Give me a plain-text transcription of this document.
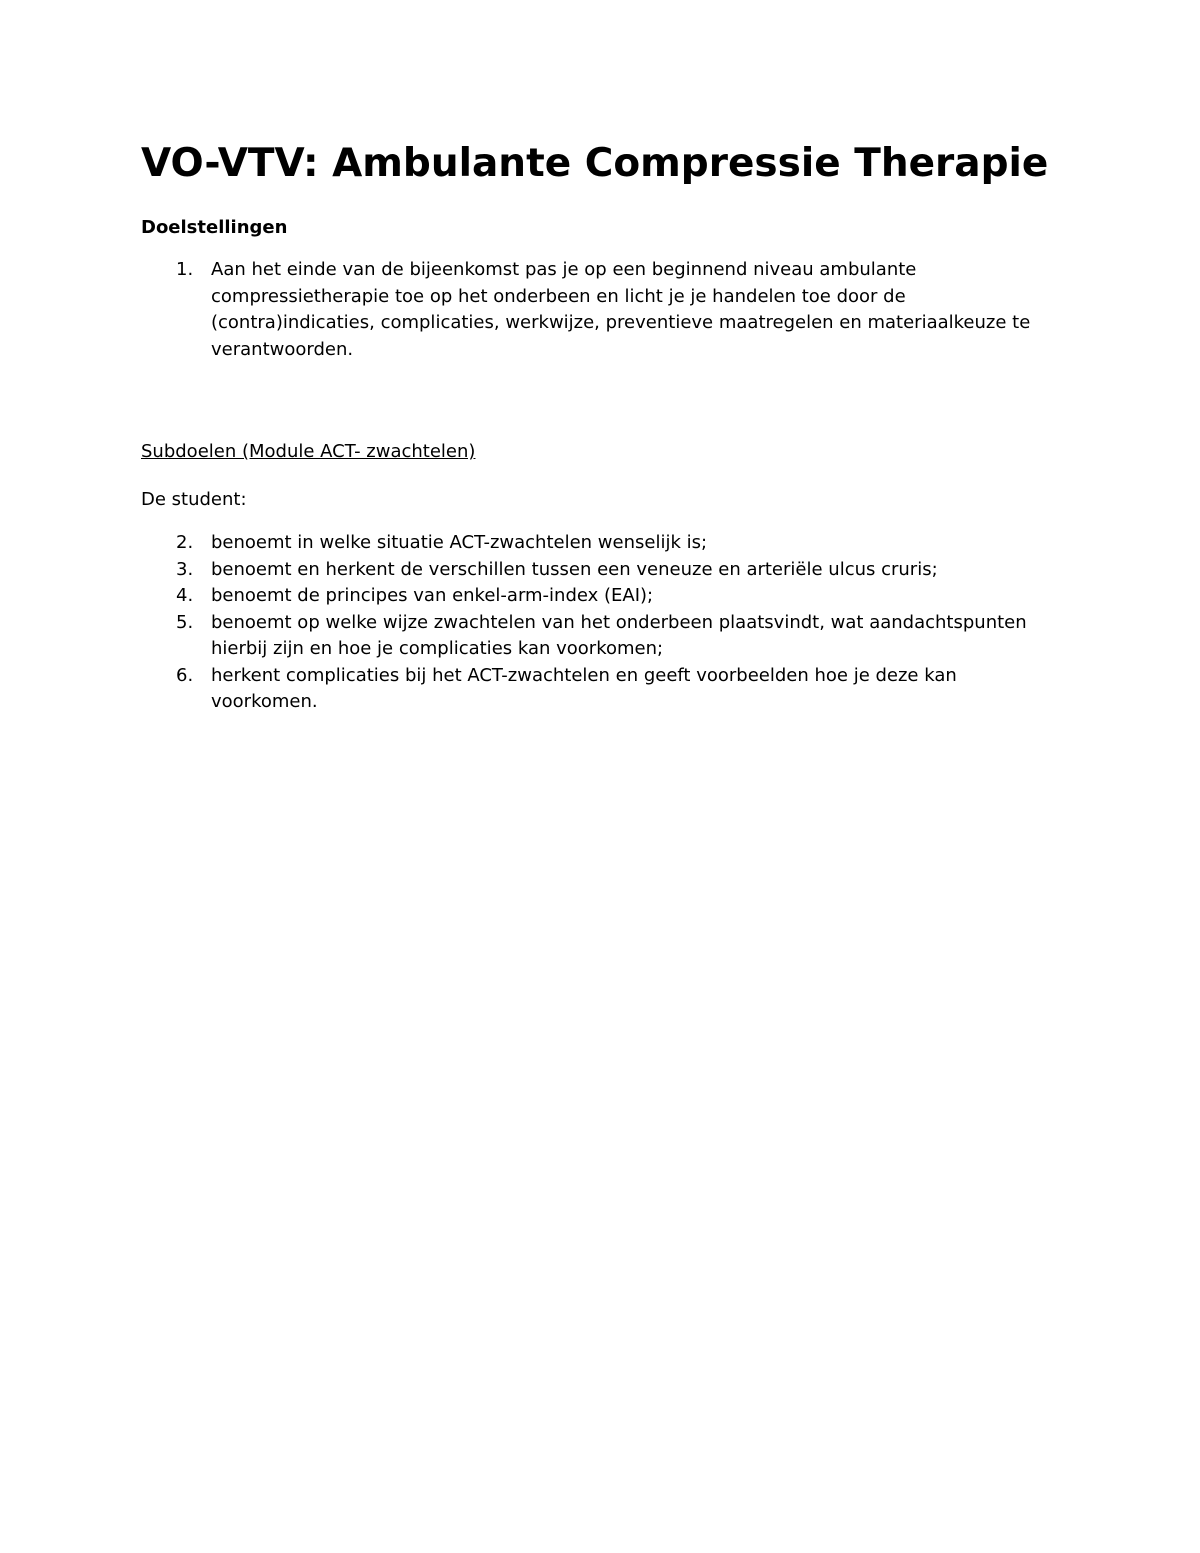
VO-VTV: Ambulante Compressie Therapie
Doelstellingen
1. Aan het einde van de bijeenkomst pas je op een beginnend niveau ambulante compressietherapie toe op het onderbeen en licht je je handelen toe door de (contra)indicaties, complicaties, werkwijze, preventieve maatregelen en materiaalkeuze te verantwoorden.

Subdoelen (Module ACT- zwachtelen)

De student:

2. benoemt in welke situatie ACT-zwachtelen wenselijk is;
3. benoemt en herkent de verschillen tussen een veneuze en arteriële ulcus cruris;
4. benoemt de principes van enkel-arm-index (EAI);
5. benoemt op welke wijze zwachtelen van het onderbeen plaatsvindt, wat aandachtspunten hierbij zijn en hoe je complicaties kan voorkomen;
6. herkent complicaties bij het ACT-zwachtelen en geeft voorbeelden hoe je deze kan voorkomen.
